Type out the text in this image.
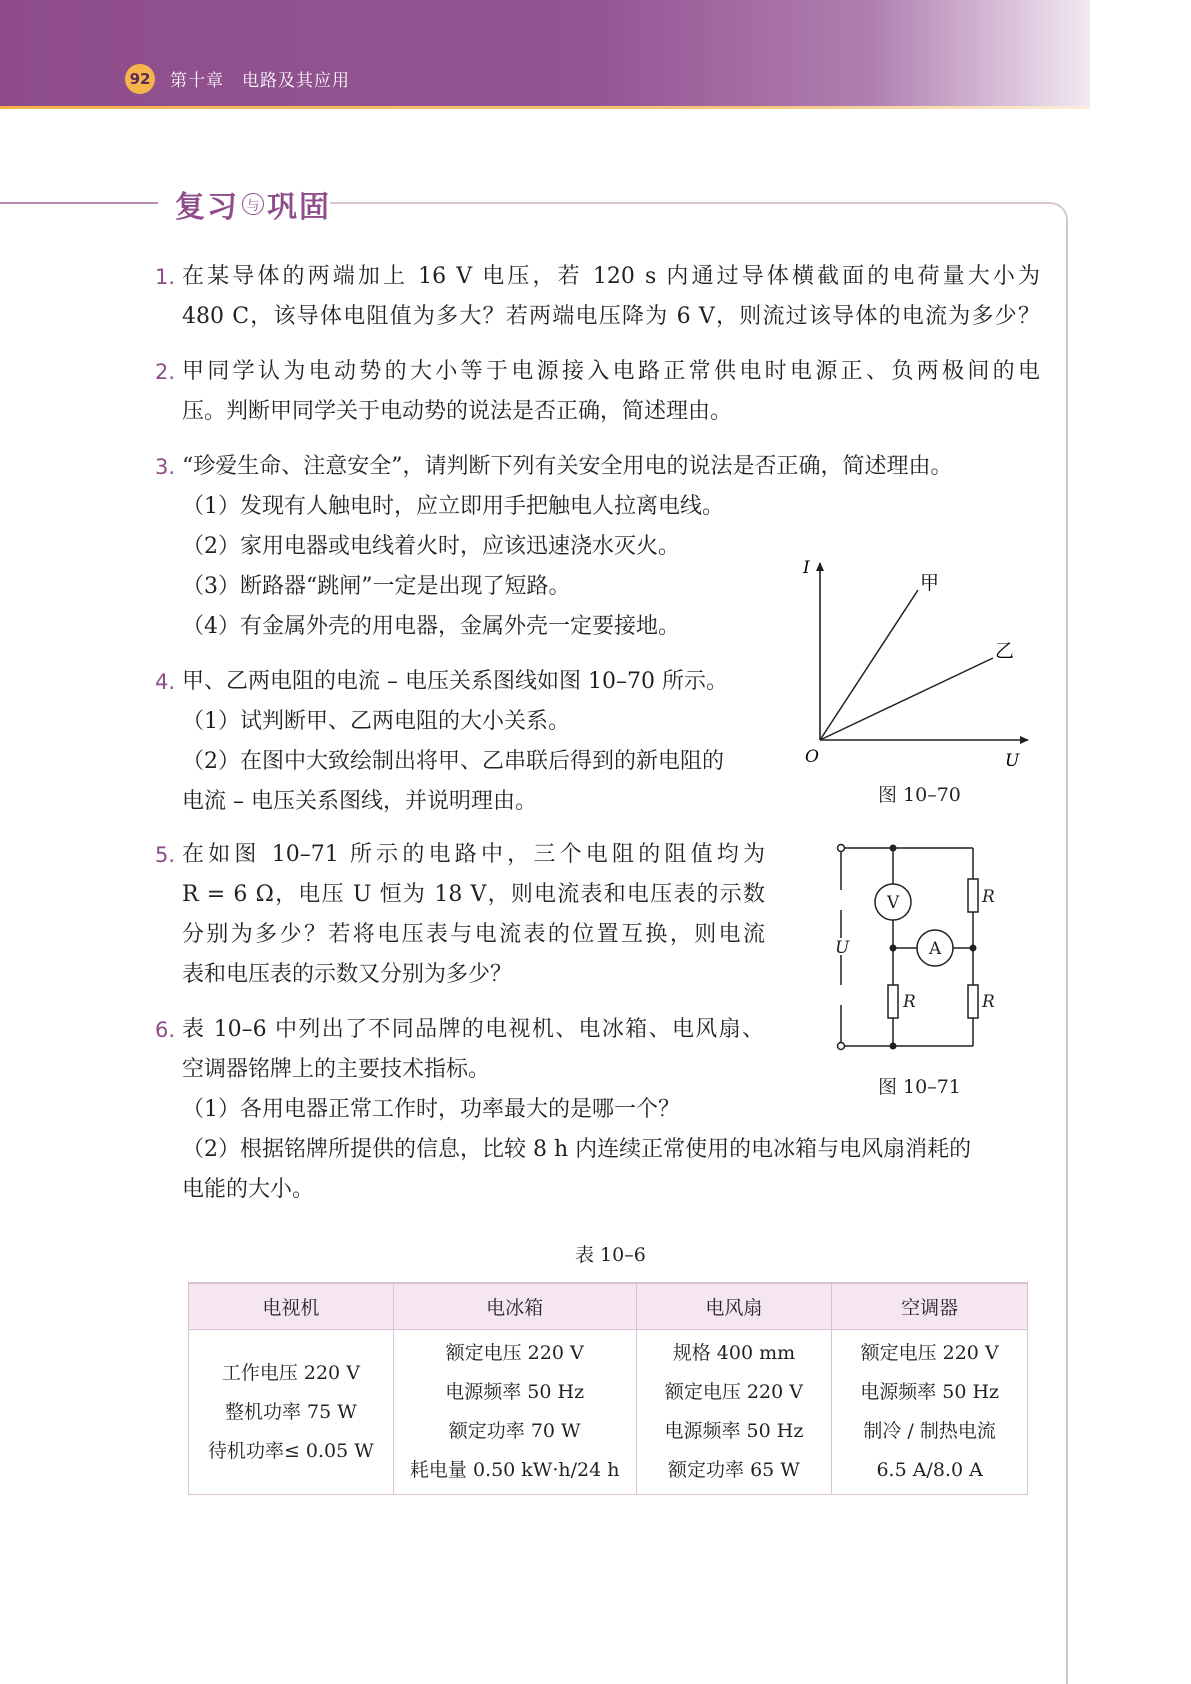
92 第十章 电路及其应用
复习 与 巩固
1. 在某导体的两端加上 16 V 电压，若 120 s 内通过导体横截面的电荷量大小为
480 C，该导体电阻值为多大？若两端电压降为 6 V，则流过该导体的电流为多少？
2. 甲同学认为电动势的大小等于电源接入电路正常供电时电源正、负两极间的电
压。判断甲同学关于电动势的说法是否正确，简述理由。
3. “珍爱生命、注意安全”，请判断下列有关安全用电的说法是否正确，简述理由。
（1）发现有人触电时，应立即用手把触电人拉离电线。
（2）家用电器或电线着火时，应该迅速浇水灭火。
（3）断路器“跳闸”一定是出现了短路。
（4）有金属外壳的用电器，金属外壳一定要接地。
4. 甲、乙两电阻的电流 – 电压关系图线如图 10–70 所示。
（1）试判断甲、乙两电阻的大小关系。
（2）在图中大致绘制出将甲、乙串联后得到的新电阻的
电流 – 电压关系图线，并说明理由。
5. 在如图 10–71 所示的电路中，三个电阻的阻值均为
R = 6 Ω，电压 U 恒为 18 V，则电流表和电压表的示数
分别为多少？若将电压表与电流表的位置互换，则电流
表和电压表的示数又分别为多少？
6. 表 10–6 中列出了不同品牌的电视机、电冰箱、电风扇、
空调器铭牌上的主要技术指标。
（1）各用电器正常工作时，功率最大的是哪一个？
（2）根据铭牌所提供的信息，比较 8 h 内连续正常使用的电冰箱与电风扇消耗的
电能的大小。
I
U
O
甲
乙
图 10–70
V
A
R
R	R
U
图 10–71
表 10–6
电视机	电冰箱	电风扇	空调器

工作电压 220 V
整机功率 75 W
待机功率≤ 0.05 W	额定电压 220 V
电源频率 50 Hz
额定功率 70 W
耗电量 0.50 kW·h/24 h	规格 400 mm
额定电压 220 V
电源频率 50 Hz
额定功率 65 W	额定电压 220 V
电源频率 50 Hz
制冷 / 制热电流
6.5 A/8.0 A
